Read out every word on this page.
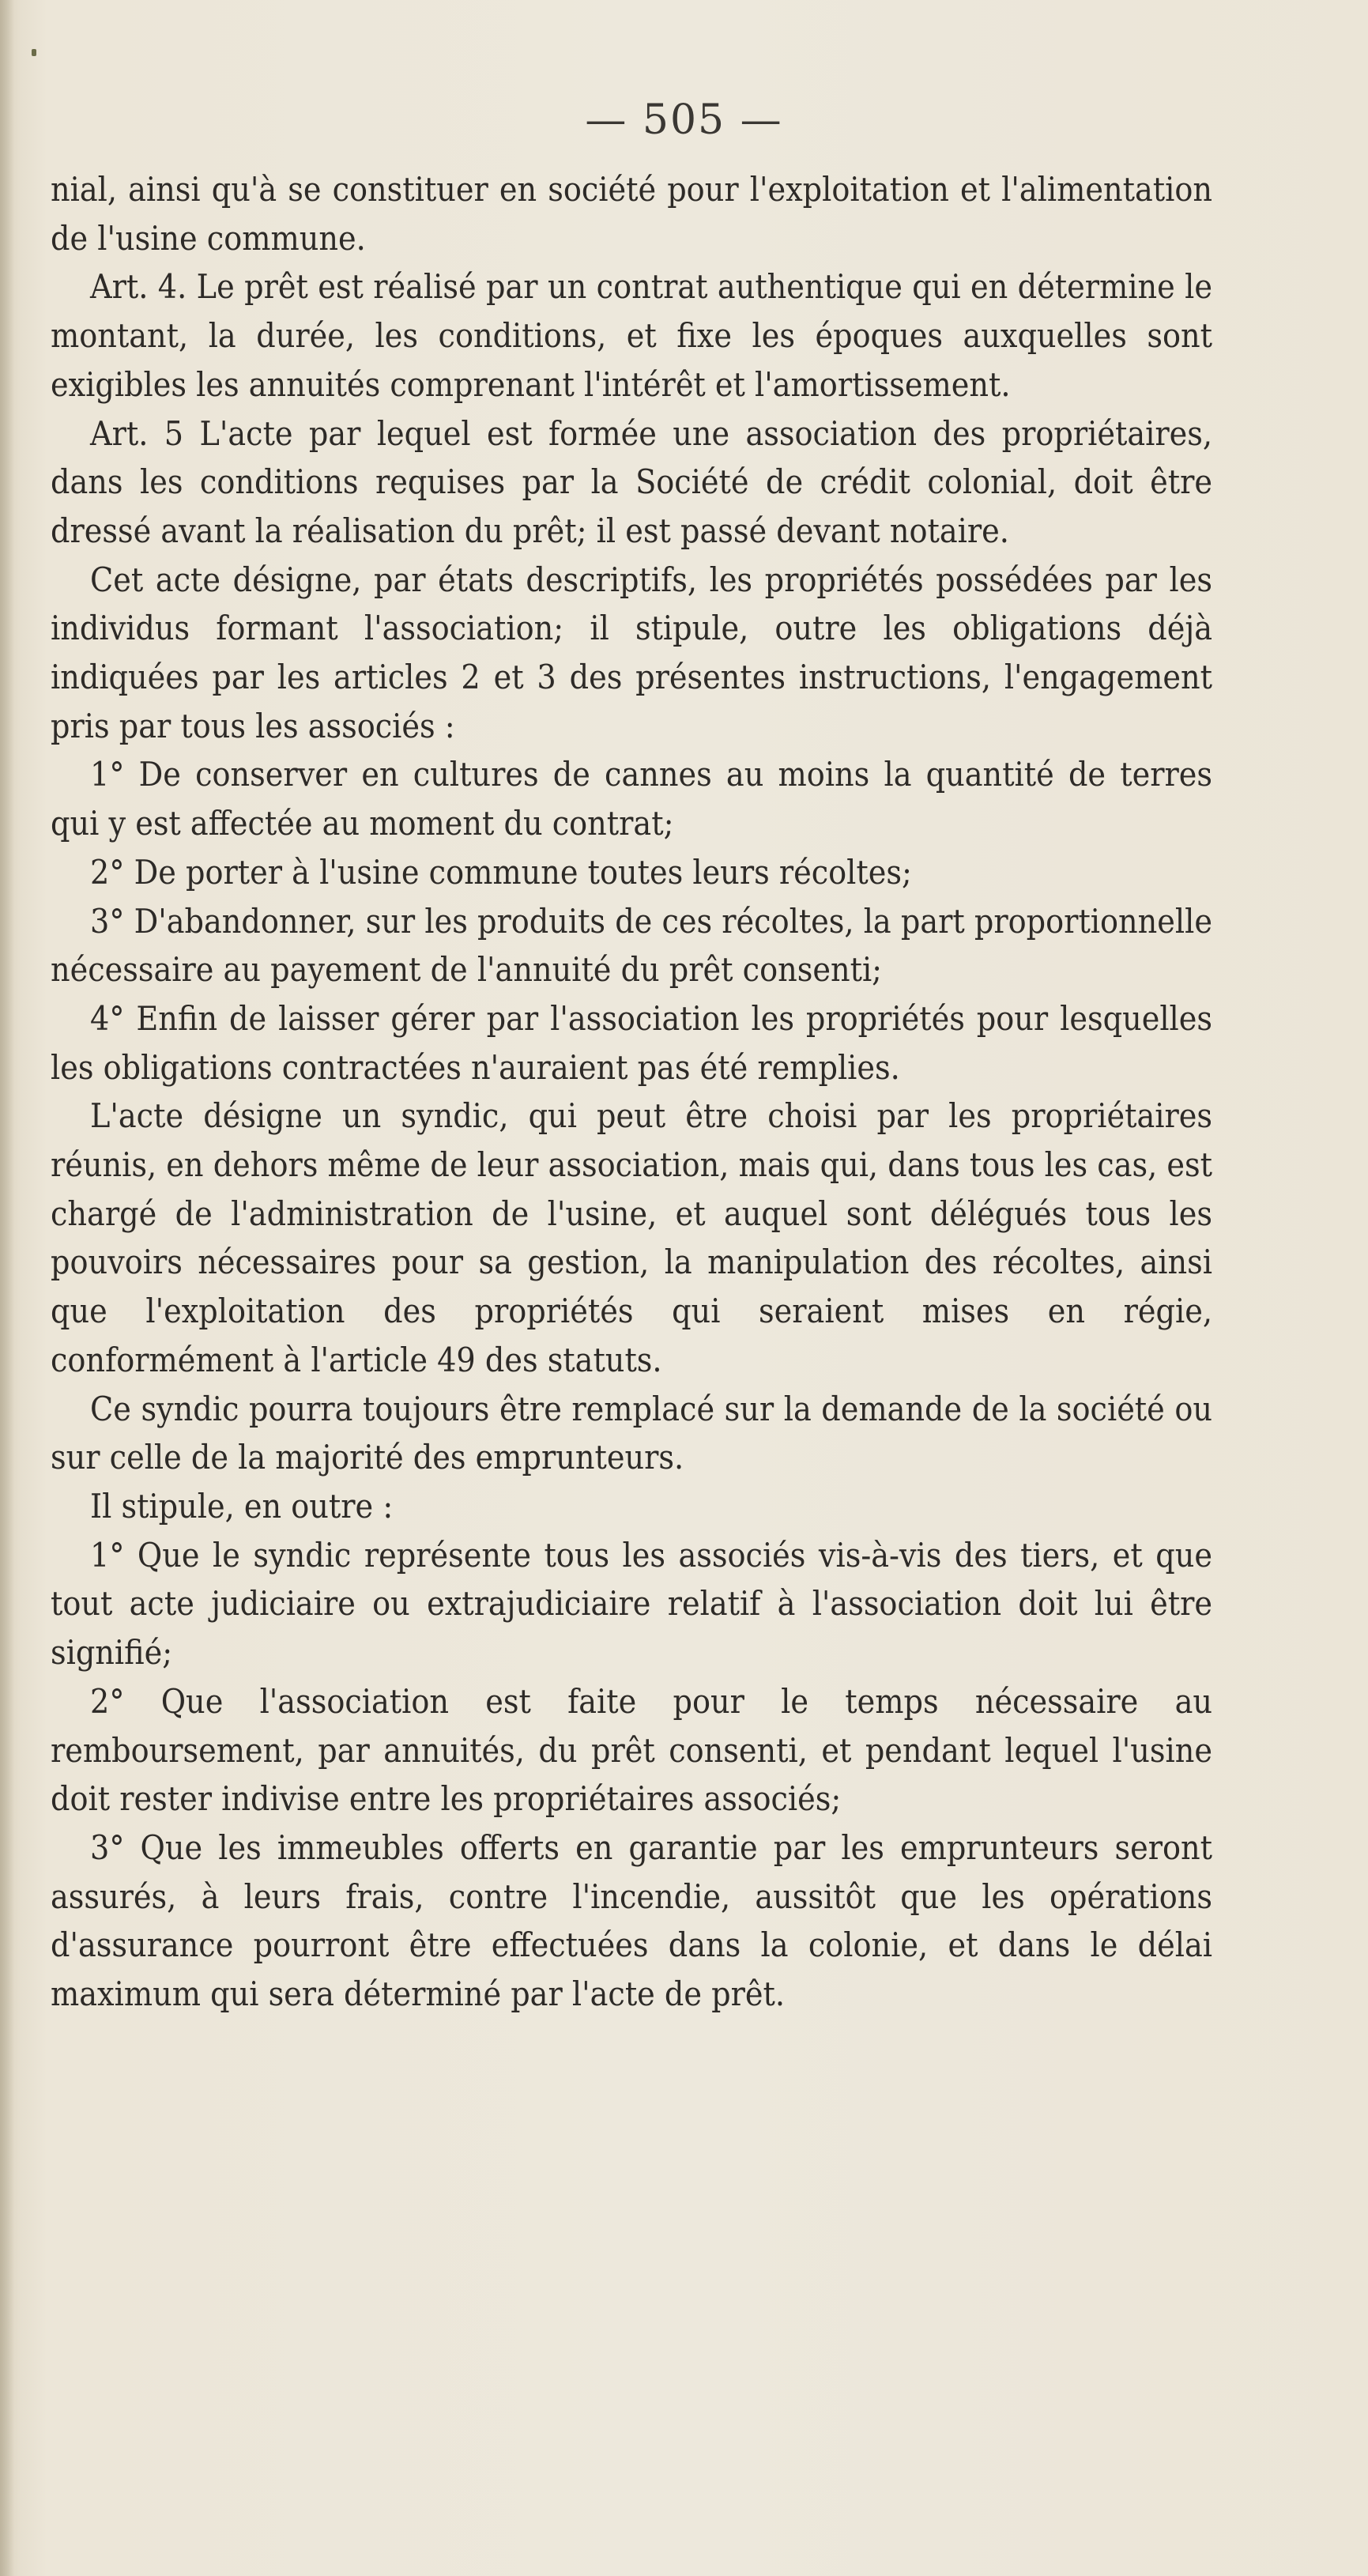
— 505 —

nial, ainsi qu'à se constituer en société pour l'exploitation et l'alimentation de l'usine commune.

Art. 4. Le prêt est réalisé par un contrat authentique qui en détermine le montant, la durée, les conditions, et fixe les époques auxquelles sont exigibles les annuités comprenant l'intérêt et l'amortissement.

Art. 5 L'acte par lequel est formée une association des propriétaires, dans les conditions requises par la Société de crédit colonial, doit être dressé avant la réalisation du prêt; il est passé devant notaire.

Cet acte désigne, par états descriptifs, les propriétés possédées par les individus formant l'association; il stipule, outre les obligations déjà indiquées par les articles 2 et 3 des présentes instructions, l'engagement pris par tous les associés :

1° De conserver en cultures de cannes au moins la quantité de terres qui y est affectée au moment du contrat;

2° De porter à l'usine commune toutes leurs récoltes;

3° D'abandonner, sur les produits de ces récoltes, la part proportionnelle nécessaire au payement de l'annuité du prêt consenti;

4° Enfin de laisser gérer par l'association les propriétés pour lesquelles les obligations contractées n'auraient pas été remplies.

L'acte désigne un syndic, qui peut être choisi par les propriétaires réunis, en dehors même de leur association, mais qui, dans tous les cas, est chargé de l'administration de l'usine, et auquel sont délégués tous les pouvoirs nécessaires pour sa gestion, la manipulation des récoltes, ainsi que l'exploitation des propriétés qui seraient mises en régie, conformément à l'article 49 des statuts.

Ce syndic pourra toujours être remplacé sur la demande de la société ou sur celle de la majorité des emprunteurs.

Il stipule, en outre :

1° Que le syndic représente tous les associés vis-à-vis des tiers, et que tout acte judiciaire ou extrajudiciaire relatif à l'association doit lui être signifié;

2° Que l'association est faite pour le temps nécessaire au remboursement, par annuités, du prêt consenti, et pendant lequel l'usine doit rester indivise entre les propriétaires associés;

3° Que les immeubles offerts en garantie par les emprunteurs seront assurés, à leurs frais, contre l'incendie, aussitôt que les opérations d'assurance pourront être effectuées dans la colonie, et dans le délai maximum qui sera déterminé par l'acte de prêt.
